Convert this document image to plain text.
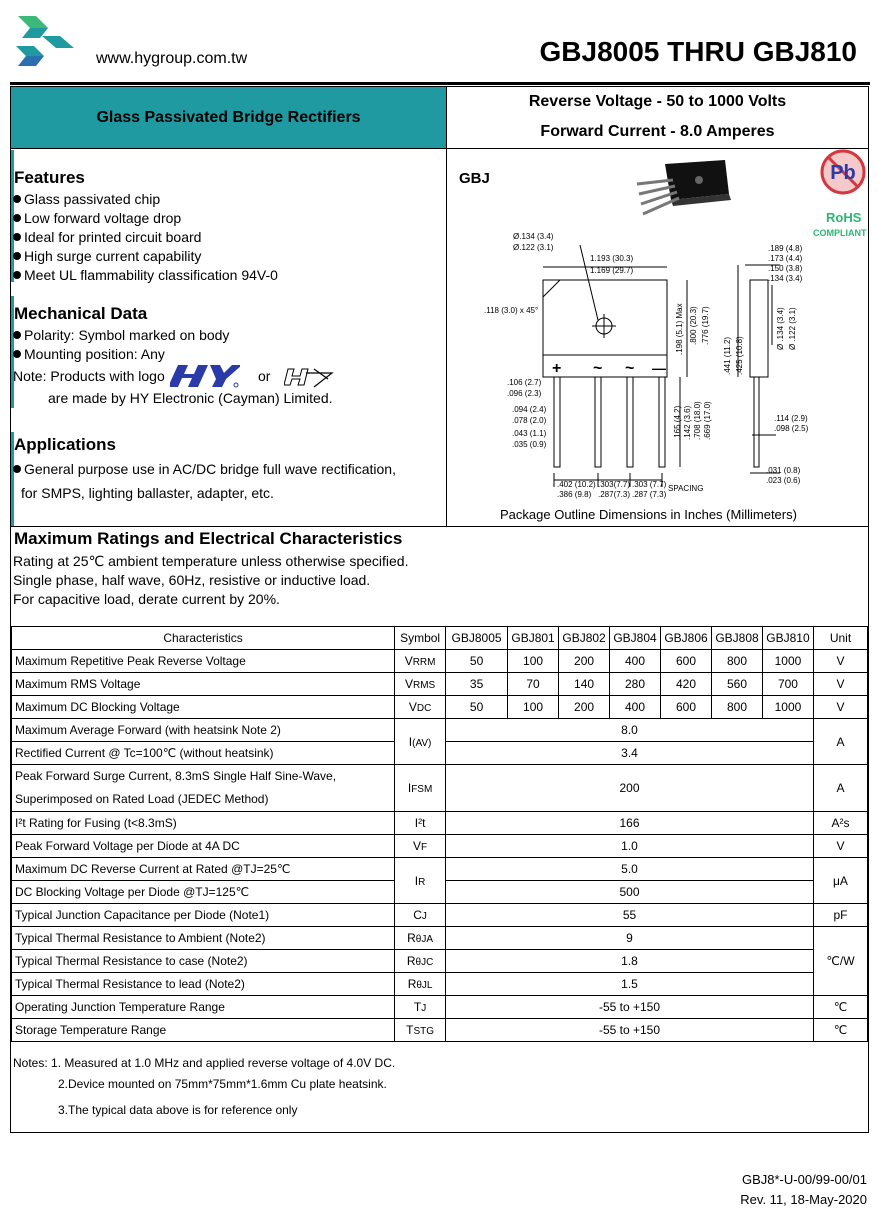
www.hygroup.com.tw	GBJ8005 THRU GBJ810
Glass Passivated Bridge Rectifiers
Reverse Voltage - 50 to 1000 Volts
Forward Current - 8.0 Amperes
Features
Glass passivated chip
Low forward voltage drop
Ideal for printed circuit board
High surge current capability
Meet UL flammability classification 94V-0
Mechanical Data
Polarity: Symbol marked on body
Mounting position: Any
Note: Products with logo	or
are made by HY Electronic (Cayman) Limited.
Applications
General purpose use in AC/DC bridge full wave rectification,
for SMPS, lighting ballaster, adapter, etc.
GBJ	Pb
RoHS
COMPLIANT
+ ~ ~ —
Ø.134 (3.4)
Ø.122 (3.1)
1.193 (30.3)
1.169 (29.7)
.118 (3.0) x 45°
.189 (4.8)
.173 (4.4)
.150 (3.8)
.134 (3.4)
.198 (5.1) Max .800 (20.3) .776 (19.7)
.441 (11.2) .425 (10.8)
Ø .134 (3.4) Ø .122 (3.1)
.106 (2.7)
.096 (2.3)
.094 (2.4)
.078 (2.0)
.043 (1.1)
.035 (0.9)
.165 (4.2) .142 (3.6) .708 (18.0) .669 (17.0)	.114 (2.9)
.098 (2.5)
.031 (0.8)
.023 (0.6)
.402 (10.2)
.386 (9.8)
.303(7.7)
.287(7.3)
.303 (7.7)
.287 (7.3)
SPACING
Package Outline Dimensions in Inches (Millimeters)
Maximum Ratings and Electrical Characteristics
Rating at 25℃ ambient temperature unless otherwise specified.
Single phase, half wave, 60Hz, resistive or inductive load.
For capacitive load, derate current by 20%.
Characteristics	Symbol	GBJ8005	GBJ801	GBJ802	GBJ804	GBJ806	GBJ808	GBJ810	Unit
Maximum Repetitive Peak Reverse Voltage	VRRM	50	100	200	400	600	800	1000	V
Maximum RMS Voltage	VRMS	35	70	140	280	420	560	700	V
Maximum DC Blocking Voltage	VDC	50	100	200	400	600	800	1000	V
Maximum Average Forward (with heatsink Note 2)	I(AV)	8.0							A
Rectified Current @ Tc=100℃ (without heatsink)		3.4							

Peak Forward Surge Current, 8.3mS Single Half Sine-Wave,
Superimposed on Rated Load (JEDEC Method)	IFSM	200							A
I²t Rating for Fusing (t<8.3mS)	I²t	166							A²s
Peak Forward Voltage per Diode at 4A DC	VF	1.0							V
Maximum DC Reverse Current at Rated @TJ=25℃	IR	5.0							μA
DC Blocking Voltage per Diode @TJ=125℃		500							
Typical Junction Capacitance per Diode (Note1)	CJ	55							pF
Typical Thermal Resistance to Ambient (Note2)	RθJA	9							℃/W
Typical Thermal Resistance to case (Note2)	RθJC	1.8							
Typical Thermal Resistance to lead (Note2)	RθJL	1.5							
Operating Junction Temperature Range	TJ	-55 to +150							℃
Storage Temperature Range	TSTG	-55 to +150							℃
Notes: 1. Measured at 1.0 MHz and applied reverse voltage of 4.0V DC.
2.Device mounted on 75mm*75mm*1.6mm Cu plate heatsink.
3.The typical data above is for reference only
GBJ8*-U-00/99-00/01
Rev. 11, 18-May-2020
